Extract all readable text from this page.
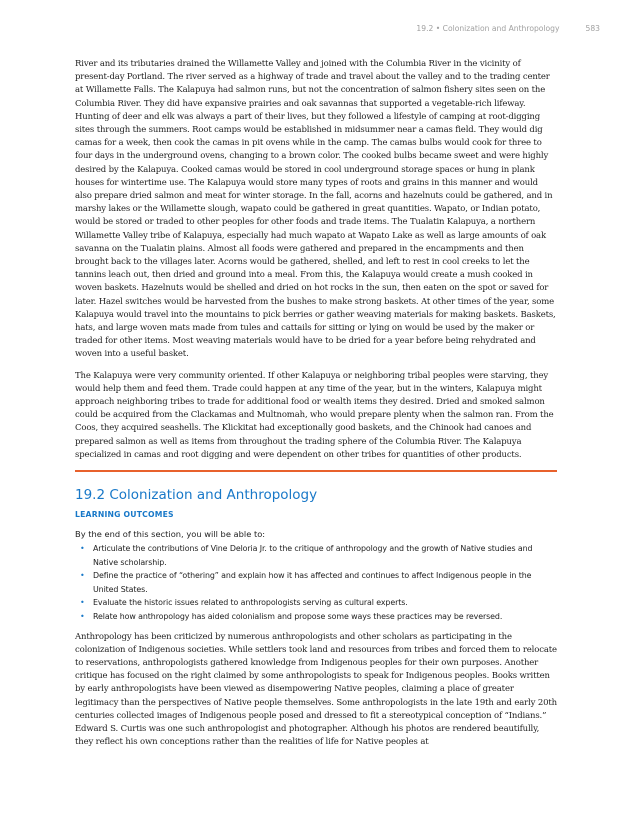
19.2 • Colonization and Anthropology	583

River and its tributaries drained the Willamette Valley and joined with the Columbia River in the vicinity of present-day Portland. The river served as a highway of trade and travel about the valley and to the trading center at Willamette Falls. The Kalapuya had salmon runs, but not the concentration of salmon fishery sites seen on the Columbia River. They did have expansive prairies and oak savannas that supported a vegetable-rich lifeway. Hunting of deer and elk was always a part of their lives, but they followed a lifestyle of camping at root-digging sites through the summers. Root camps would be established in midsummer near a camas field. They would dig camas for a week, then cook the camas in pit ovens while in the camp. The camas bulbs would cook for three to four days in the underground ovens, changing to a brown color. The cooked bulbs became sweet and were highly desired by the Kalapuya. Cooked camas would be stored in cool underground storage spaces or hung in plank houses for wintertime use. The Kalapuya would store many types of roots and grains in this manner and would also prepare dried salmon and meat for winter storage. In the fall, acorns and hazelnuts could be gathered, and in marshy lakes or the Willamette slough, wapato could be gathered in great quantities. Wapato, or Indian potato, would be stored or traded to other peoples for other foods and trade items. The Tualatin Kalapuya, a northern Willamette Valley tribe of Kalapuya, especially had much wapato at Wapato Lake as well as large amounts of oak savanna on the Tualatin plains. Almost all foods were gathered and prepared in the encampments and then brought back to the villages later. Acorns would be gathered, shelled, and left to rest in cool creeks to let the tannins leach out, then dried and ground into a meal. From this, the Kalapuya would create a mush cooked in woven baskets. Hazelnuts would be shelled and dried on hot rocks in the sun, then eaten on the spot or saved for later. Hazel switches would be harvested from the bushes to make strong baskets. At other times of the year, some Kalapuya would travel into the mountains to pick berries or gather weaving materials for making baskets. Baskets, hats, and large woven mats made from tules and cattails for sitting or lying on would be used by the maker or traded for other items. Most weaving materials would have to be dried for a year before being rehydrated and woven into a useful basket.

The Kalapuya were very community oriented. If other Kalapuya or neighboring tribal peoples were starving, they would help them and feed them. Trade could happen at any time of the year, but in the winters, Kalapuya might approach neighboring tribes to trade for additional food or wealth items they desired. Dried and smoked salmon could be acquired from the Clackamas and Multnomah, who would prepare plenty when the salmon ran. From the Coos, they acquired seashells. The Klickitat had exceptionally good baskets, and the Chinook had canoes and prepared salmon as well as items from throughout the trading sphere of the Columbia River. The Kalapuya specialized in camas and root digging and were dependent on other tribes for quantities of other products.

19.2 Colonization and Anthropology
LEARNING OUTCOMES

By the end of this section, you will be able to:

• Articulate the contributions of Vine Deloria Jr. to the critique of anthropology and the growth of Native studies and Native scholarship.
• Define the practice of “othering” and explain how it has affected and continues to affect Indigenous people in the United States.
• Evaluate the historic issues related to anthropologists serving as cultural experts.
• Relate how anthropology has aided colonialism and propose some ways these practices may be reversed.

Anthropology has been criticized by numerous anthropologists and other scholars as participating in the colonization of Indigenous societies. While settlers took land and resources from tribes and forced them to relocate to reservations, anthropologists gathered knowledge from Indigenous peoples for their own purposes. Another critique has focused on the right claimed by some anthropologists to speak for Indigenous peoples. Books written by early anthropologists have been viewed as disempowering Native peoples, claiming a place of greater legitimacy than the perspectives of Native people themselves. Some anthropologists in the late 19th and early 20th centuries collected images of Indigenous people posed and dressed to fit a stereotypical conception of “Indians.” Edward S. Curtis was one such anthropologist and photographer. Although his photos are rendered beautifully, they reflect his own conceptions rather than the realities of life for Native peoples at
